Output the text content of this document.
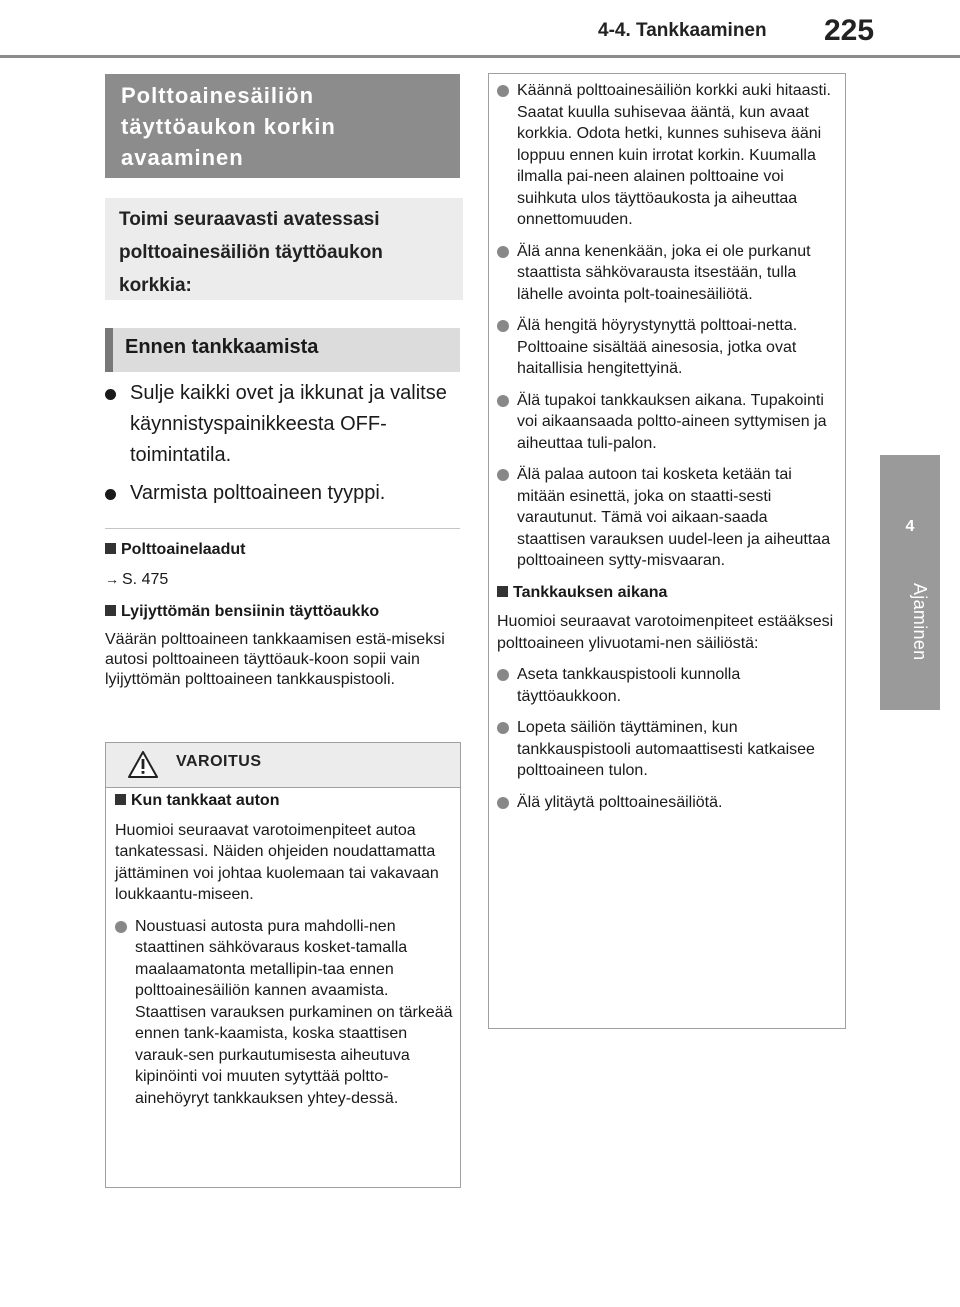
4-4. Tankkaaminen 225
4
Ajaminen
Polttoainesäiliön täyttöaukon korkin avaaminen
Toimi seuraavasti avatessasi polttoainesäiliön täyttöaukon korkkia:
Ennen tankkaamista
Sulje kaikki ovet ja ikkunat ja valitse käynnistyspainikkeesta OFF-toimintatila.
Varmista polttoaineen tyyppi.
Polttoainelaadut
→ S. 475
Lyijyttömän bensiinin täyttöaukko
Väärän polttoaineen tankkaamisen estä-miseksi autosi polttoaineen täyttöauk-koon sopii vain lyijyttömän polttoaineen tankkauspistooli.
VAROITUS
Kun tankkaat auton
Huomioi seuraavat varotoimenpiteet autoa tankatessasi. Näiden ohjeiden noudattamatta jättäminen voi johtaa kuolemaan tai vakavaan loukkaantu-miseen.
Noustuasi autosta pura mahdolli-nen staattinen sähkövaraus kosket-tamalla maalaamatonta metallipin-taa ennen polttoainesäiliön kannen avaamista. Staattisen varauksen purkaminen on tärkeää ennen tank-kaamista, koska staattisen varauk-sen purkautumisesta aiheutuva kipinöinti voi muuten sytyttää poltto-ainehöyryt tankkauksen yhtey-dessä.
Käännä polttoainesäiliön korkki auki hitaasti. Saatat kuulla suhisevaa ääntä, kun avaat korkkia. Odota hetki, kunnes suhiseva ääni loppuu ennen kuin irrotat korkin. Kuumalla ilmalla pai-neen alainen polttoaine voi suihkuta ulos täyttöaukosta ja aiheuttaa onnettomuuden.
Älä anna kenenkään, joka ei ole purkanut staattista sähkövarausta itsestään, tulla lähelle avointa polt-toainesäiliötä.
Älä hengitä höyrystynyttä polttoai-netta. Polttoaine sisältää ainesosia, jotka ovat haitallisia hengitettyinä.
Älä tupakoi tankkauksen aikana. Tupakointi voi aikaansaada poltto-aineen syttymisen ja aiheuttaa tuli-palon.
Älä palaa autoon tai kosketa ketään tai mitään esinettä, joka on staatti-sesti varautunut. Tämä voi aikaan-saada staattisen varauksen uudel-leen ja aiheuttaa polttoaineen sytty-misvaaran.
Tankkauksen aikana
Huomioi seuraavat varotoimenpiteet estääksesi polttoaineen ylivuotami-nen säiliöstä:
Aseta tankkauspistooli kunnolla täyttöaukkoon.
Lopeta säiliön täyttäminen, kun tankkauspistooli automaattisesti katkaisee polttoaineen tulon.
Älä ylitäytä polttoainesäiliötä.
